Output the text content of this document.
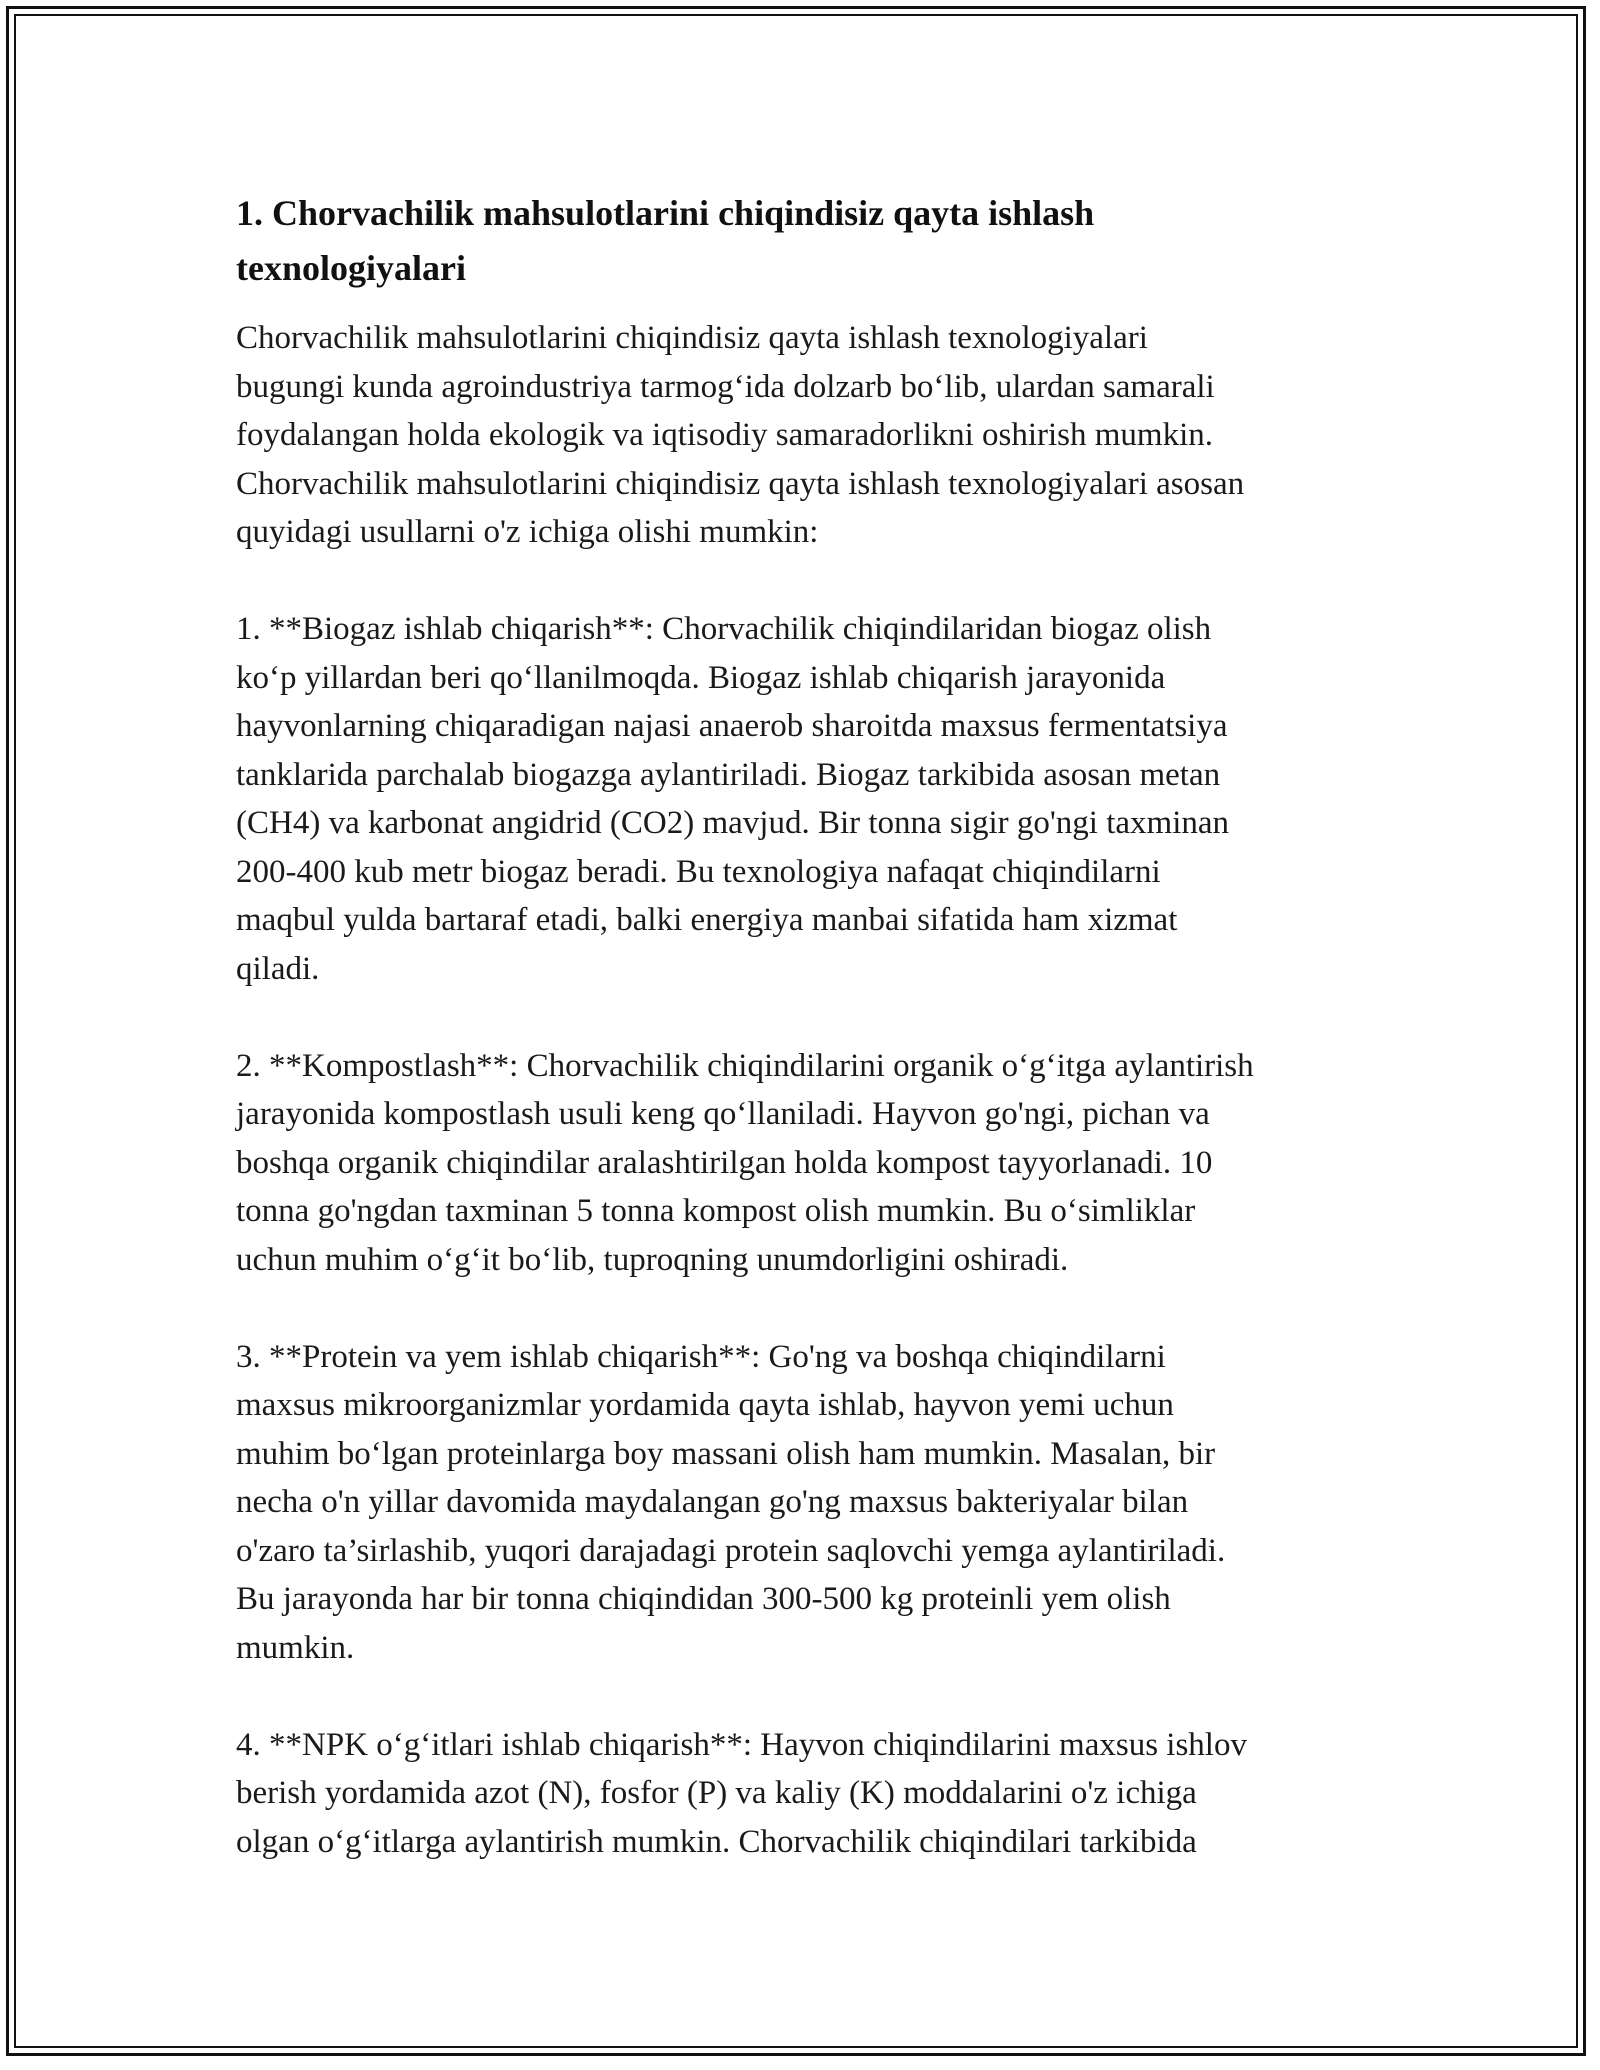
1. Chorvachilik mahsulotlarini chiqindisiz qayta ishlash
texnologiyalari

Chorvachilik mahsulotlarini chiqindisiz qayta ishlash texnologiyalari
bugungi kunda agroindustriya tarmog‘ida dolzarb bo‘lib, ulardan samarali
foydalangan holda ekologik va iqtisodiy samaradorlikni oshirish mumkin.
Chorvachilik mahsulotlarini chiqindisiz qayta ishlash texnologiyalari asosan
quyidagi usullarni o'z ichiga olishi mumkin:

1. **Biogaz ishlab chiqarish**: Chorvachilik chiqindilaridan biogaz olish
ko‘p yillardan beri qo‘llanilmoqda. Biogaz ishlab chiqarish jarayonida
hayvonlarning chiqaradigan najasi anaerob sharoitda maxsus fermentatsiya
tanklarida parchalab biogazga aylantiriladi. Biogaz tarkibida asosan metan
(CH4) va karbonat angidrid (CO2) mavjud. Bir tonna sigir go'ngi taxminan
200-400 kub metr biogaz beradi. Bu texnologiya nafaqat chiqindilarni
maqbul yulda bartaraf etadi, balki energiya manbai sifatida ham xizmat
qiladi.

2. **Kompostlash**: Chorvachilik chiqindilarini organik o‘g‘itga aylantirish
jarayonida kompostlash usuli keng qo‘llaniladi. Hayvon go'ngi, pichan va
boshqa organik chiqindilar aralashtirilgan holda kompost tayyorlanadi. 10
tonna go'ngdan taxminan 5 tonna kompost olish mumkin. Bu o‘simliklar
uchun muhim o‘g‘it bo‘lib, tuproqning unumdorligini oshiradi.

3. **Protein va yem ishlab chiqarish**: Go'ng va boshqa chiqindilarni
maxsus mikroorganizmlar yordamida qayta ishlab, hayvon yemi uchun
muhim bo‘lgan proteinlarga boy massani olish ham mumkin. Masalan, bir
necha o'n yillar davomida maydalangan go'ng maxsus bakteriyalar bilan
o'zaro ta’sirlashib, yuqori darajadagi protein saqlovchi yemga aylantiriladi.
Bu jarayonda har bir tonna chiqindidan 300-500 kg proteinli yem olish
mumkin.

4. **NPK o‘g‘itlari ishlab chiqarish**: Hayvon chiqindilarini maxsus ishlov
berish yordamida azot (N), fosfor (P) va kaliy (K) moddalarini o'z ichiga
olgan o‘g‘itlarga aylantirish mumkin. Chorvachilik chiqindilari tarkibida
